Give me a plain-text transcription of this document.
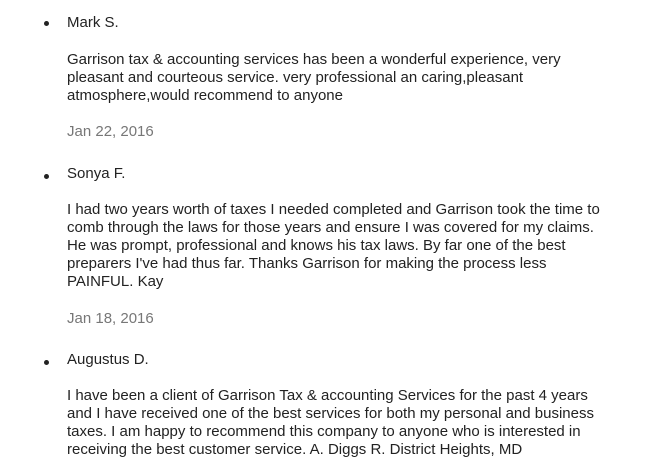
Mark S.

Garrison tax & accounting services has been a wonderful experience, very
pleasant and courteous service. very professional an caring,pleasant
atmosphere,would recommend to anyone

Jan 22, 2016
Sonya F.

I had two years worth of taxes I needed completed and Garrison took the time to
comb through the laws for those years and ensure I was covered for my claims.
He was prompt, professional and knows his tax laws. By far one of the best
preparers I've had thus far. Thanks Garrison for making the process less
PAINFUL. Kay

Jan 18, 2016
Augustus D.

I have been a client of Garrison Tax & accounting Services for the past 4 years
and I have received one of the best services for both my personal and business
taxes. I am happy to recommend this company to anyone who is interested in
receiving the best customer service. A. Diggs R. District Heights, MD
